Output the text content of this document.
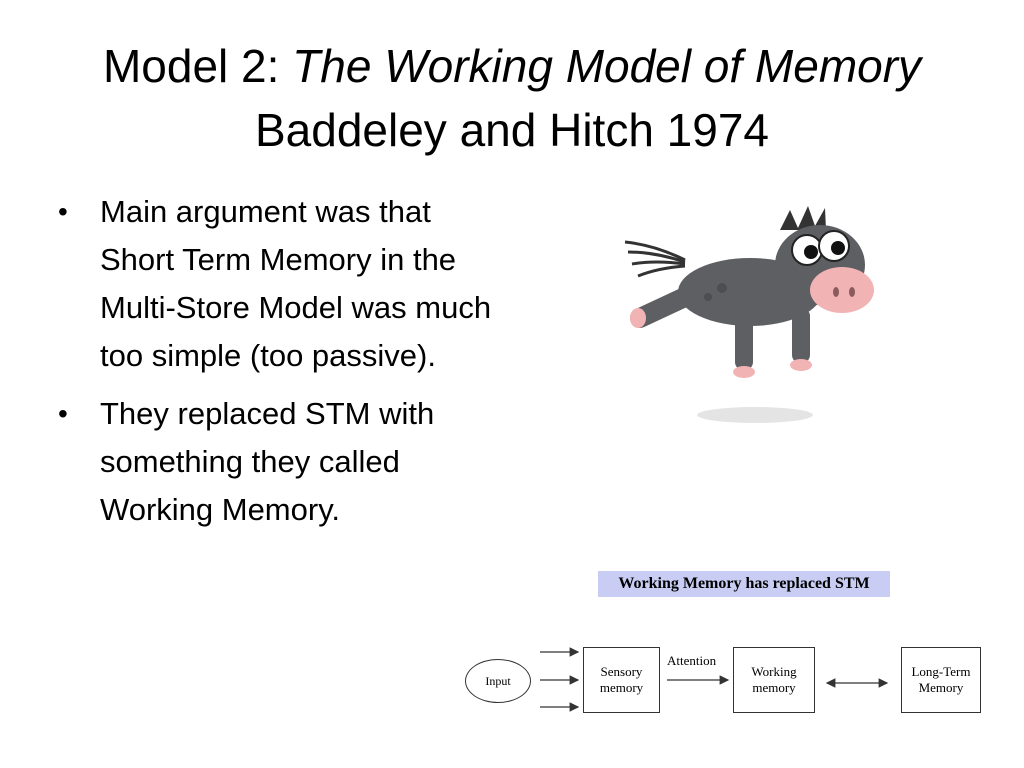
Model 2: The Working Model of Memory
Baddeley and Hitch 1974
• Main argument was that Short Term Memory in the Multi-Store Model was much too simple (too passive).
• They replaced STM with something they called Working Memory.
Working Memory has replaced STM
Input
Sensory
memory
Attention
Working
memory
Long-Term
Memory
